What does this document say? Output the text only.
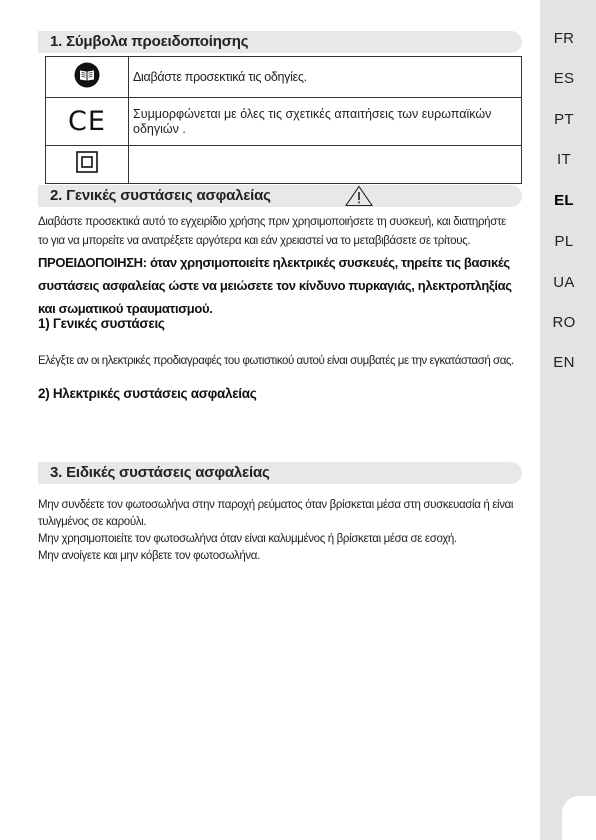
1. Σύμβολα προειδοποίησης
	Διαβάστε προσεκτικά τις οδηγίες.
CE	Συμμορφώνεται με όλες τις σχετικές απαιτήσεις των ευρωπαϊκών οδηγιών .

2. Γενικές συστάσεις ασφαλείας
Διαβάστε προσεκτικά αυτό το εγχειρίδιο χρήσης πριν χρησιμοποιήσετε τη συσκευή, και διατηρήστε
το για να μπορείτε να ανατρέξετε αργότερα και εάν χρειαστεί να το μεταβιβάσετε σε τρίτους.
ΠΡΟΕΙΔΟΠΟΙΗΣΗ: όταν χρησιμοποιείτε ηλεκτρικές συσκευές, τηρείτε τις βασικές
συστάσεις ασφαλείας ώστε να μειώσετε τον κίνδυνο πυρκαγιάς, ηλεκτροπληξίας
και σωματικού τραυματισμού.
1) Γενικές συστάσεις
Ελέγξτε αν οι ηλεκτρικές προδιαγραφές του φωτιστικού αυτού είναι συμβατές με την εγκατάστασή σας.
2) Ηλεκτρικές συστάσεις ασφαλείας
3. Ειδικές συστάσεις ασφαλείας
Μην συνδέετε τον φωτοσωλήνα στην παροχή ρεύματος όταν βρίσκεται μέσα στη συσκευασία ή είναι
τυλιγμένος σε καρούλι.
Μην χρησιμοποιείτε τον φωτοσωλήνα όταν είναι καλυμμένος ή βρίσκεται μέσα σε εσοχή.
Μην ανοίγετε και μην κόβετε τον φωτοσωλήνα.
FR
ES
PT
IT
EL
PL
UA
RO
EN
